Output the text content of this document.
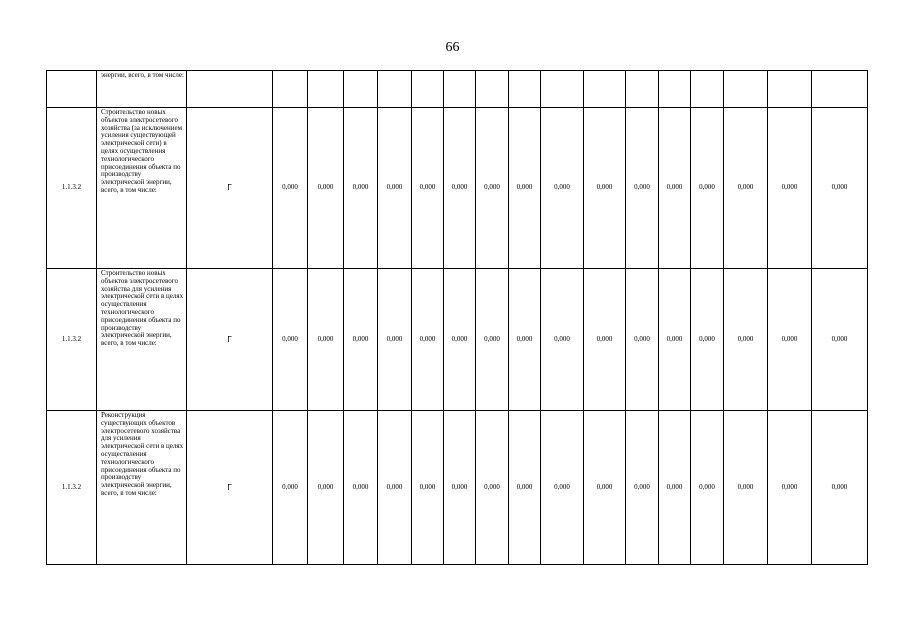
66
	энергии, всего, в том числе:																		
1.1.3.2	Строительство новых объектов электросетевого хозяйства (за исключением усиления существующей электрической сети) в целях осуществления технологического присоединения объекта по производству электрической энергии, всего, в том числе:	Г	0,000	0,000	0,000	0,000	0,000	0,000	0,000	0,000	0,000	0,000	0,000	0,000	0,000	0,000	0,000	0,000	
1.1.3.2	Строительство новых объектов электросетевого хозяйства для усиления электрической сети в целях осуществления технологического присоединения объекта по производству электрической энергии, всего, в том числе:	Г	0,000	0,000	0,000	0,000	0,000	0,000	0,000	0,000	0,000	0,000	0,000	0,000	0,000	0,000	0,000	0,000	
1.1.3.2	Реконструкция существующих объектов электросетевого хозяйства для усиления электрической сети в целях осуществления технологического присоединения объекта по производству электрической энергии, всего, в том числе:	Г	0,000	0,000	0,000	0,000	0,000	0,000	0,000	0,000	0,000	0,000	0,000	0,000	0,000	0,000	0,000	0,000	
